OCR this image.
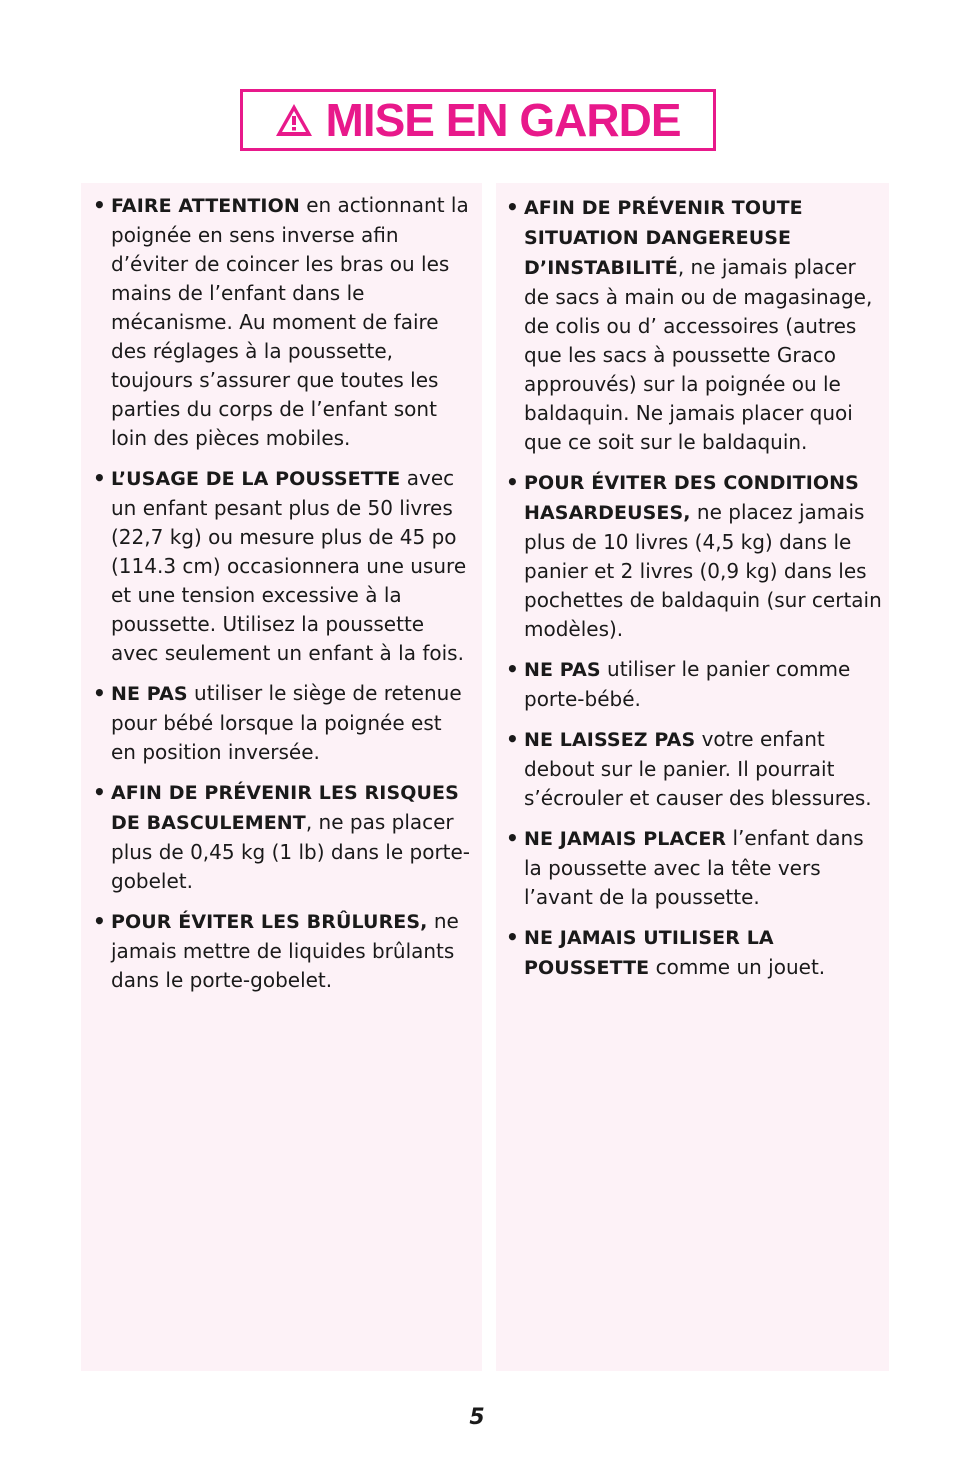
MISE EN GARDE
• FAIRE ATTENTION en actionnant la poignée en sens inverse afin d’éviter de coincer les bras ou les mains de l’enfant dans le mécanisme. Au moment de faire des réglages à la poussette, toujours s’assurer que toutes les parties du corps de l’enfant sont loin des pièces mobiles.
• L’USAGE DE LA POUSSETTE avec un enfant pesant plus de 50 livres (22,7 kg) ou mesure plus de 45 po (114.3 cm) occasionnera une usure et une tension excessive à la poussette. Utilisez la poussette avec seulement un enfant à la fois.
• NE PAS utiliser le siège de retenue pour bébé lorsque la poignée est en position inversée.
• AFIN DE PRÉVENIR LES RISQUES DE BASCULEMENT, ne pas placer plus de 0,45 kg (1 lb) dans le porte-gobelet.
• POUR ÉVITER LES BRÛLURES, ne jamais mettre de liquides brûlants dans le porte-gobelet.
• AFIN DE PRÉVENIR TOUTE SITUATION DANGEREUSE D’INSTABILITÉ, ne jamais placer de sacs à main ou de magasinage, de colis ou d’ accessoires (autres que les sacs à poussette Graco approuvés) sur la poignée ou le baldaquin. Ne jamais placer quoi que ce soit sur le baldaquin.
• POUR ÉVITER DES CONDITIONS HASARDEUSES, ne placez jamais plus de 10 livres (4,5 kg) dans le panier et 2 livres (0,9 kg) dans les pochettes de baldaquin (sur certain modèles).
• NE PAS utiliser le panier comme porte-bébé.
• NE LAISSEZ PAS votre enfant debout sur le panier. Il pourrait s’écrouler et causer des blessures.
• NE JAMAIS PLACER l’enfant dans la poussette avec la tête vers l’avant de la poussette.
• NE JAMAIS UTILISER LA POUSSETTE comme un jouet.
5
